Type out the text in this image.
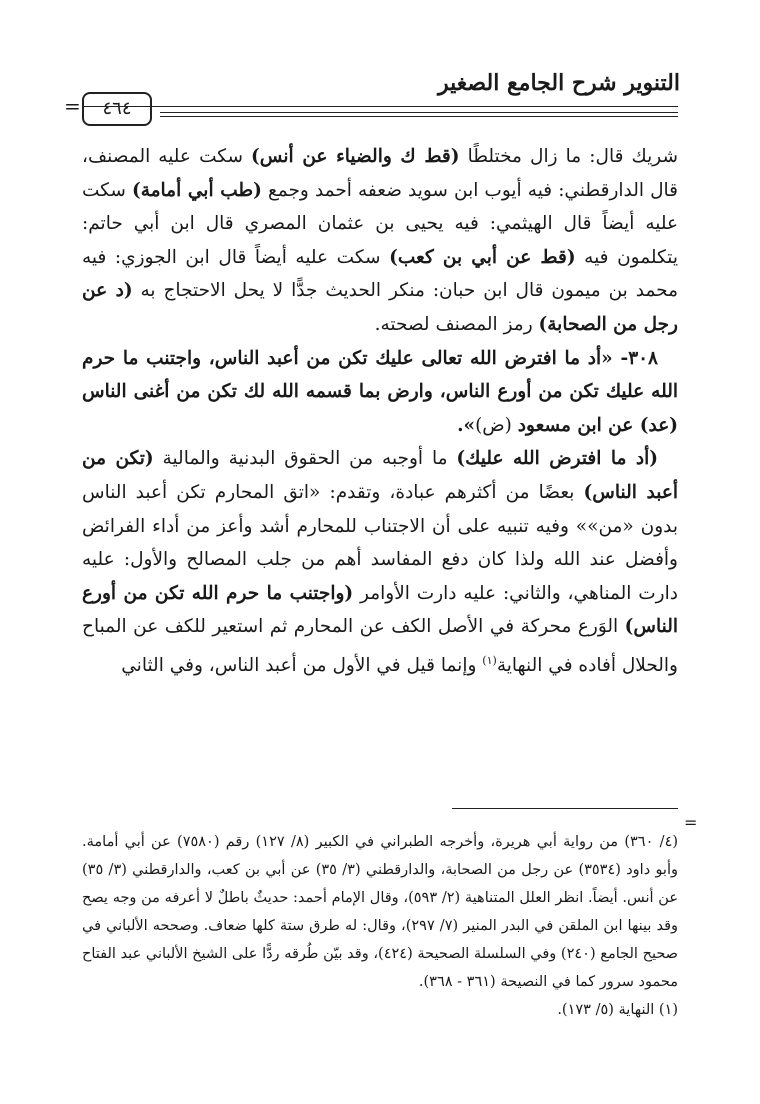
التنوير شرح الجامع الصغير
=	٤٦٤

شريك قال: ما زال مختلطًا (قط ك والضياء عن أنس) سكت عليه المصنف، قال الدارقطني: فيه أيوب ابن سويد ضعفه أحمد وجمع (طب أبي أمامة) سكت عليه أيضاً قال الهيثمي: فيه يحيى بن عثمان المصري قال ابن أبي حاتم: يتكلمون فيه (قط عن أبي بن كعب) سكت عليه أيضاً قال ابن الجوزي: فيه محمد بن ميمون قال ابن حبان: منكر الحديث جدًّا لا يحل الاحتجاج به (د عن رجل من الصحابة) رمز المصنف لصحته.

٣٠٨- «أد ما افترض الله تعالى عليك تكن من أعبد الناس، واجتنب ما حرم الله عليك تكن من أورع الناس، وارض بما قسمه الله لك تكن من أغنى الناس (عد) عن ابن مسعود (ض)».

(أد ما افترض الله عليك) ما أوجبه من الحقوق البدنية والمالية (تكن من أعبد الناس) بعضًا من أكثرهم عبادة، وتقدم: «اتق المحارم تكن أعبد الناس بدون «من»» وفيه تنبيه على أن الاجتناب للمحارم أشد وأعز من أداء الفرائض وأفضل عند الله ولذا كان دفع المفاسد أهم من جلب المصالح والأول: عليه دارت المناهي، والثاني: عليه دارت الأوامر (واجتنب ما حرم الله تكن من أورع الناس) الوَرع محركة في الأصل الكف عن المحارم ثم استعير للكف عن المباح والحلال أفاده في النهاية$^{(١)}$ وإنما قيل في الأول من أعبد الناس، وفي الثاني

=

(٤/ ٣٦٠) من رواية أبي هريرة، وأخرجه الطبراني في الكبير (٨/ ١٢٧) رقم (٧٥٨٠) عن أبي أمامة. وأبو داود (٣٥٣٤) عن رجل من الصحابة، والدارقطني (٣/ ٣٥) عن أبي بن كعب، والدارقطني (٣/ ٣٥) عن أنس. أيضاً. انظر العلل المتناهية (٢/ ٥٩٣)، وقال الإمام أحمد: حديثٌ باطلٌ لا أعرفه من وجه يصح وقد بينها ابن الملقن في البدر المنير (٧/ ٢٩٧)، وقال: له طرق ستة كلها ضعاف. وصححه الألباني في صحيح الجامع (٢٤٠) وفي السلسلة الصحيحة (٤٢٤)، وقد بيّن طُرقه ردًّا على الشيخ الألباني عبد الفتاح محمود سرور كما في النصيحة (٣٦١ - ٣٦٨).

(١) النهاية (٥/ ١٧٣).
